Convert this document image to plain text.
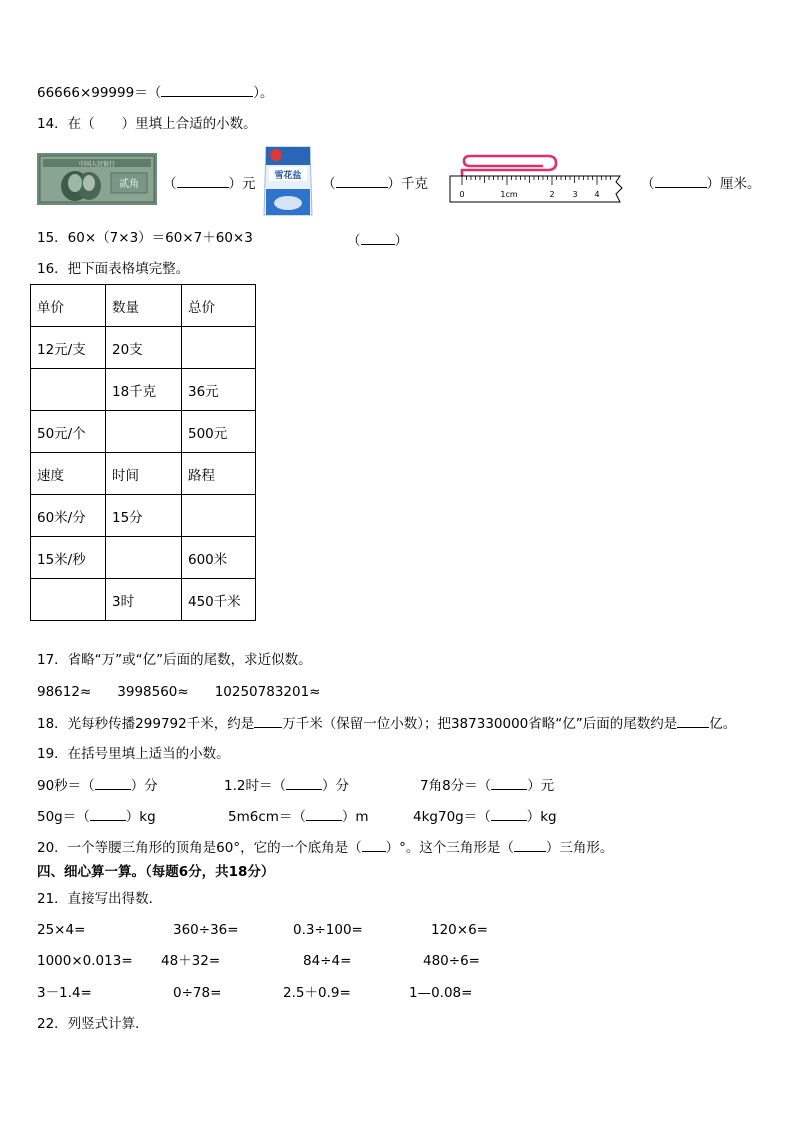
66666×99999＝（	）。
14．在（　　）里填上合适的小数。
中国人民银行
贰角 （	）元 雪花盐 （	）千克
0	1cm	2 3 4
（	）厘米。
15．60×（7×3）＝60×7＋60×3	（	）
16．把下面表格填完整。
单价	数量	总价
12元/支	20支	
	18千克	36元
50元/个		500元
速度	时间	路程
60米/分	15分	
15米/秒		600米
	3时	450千米
17．省略“万”或“亿”后面的尾数，求近似数。
98612≈ 3998560≈ 10250783201≈
18．光每秒传播299792千米，约是 万千米（保留一位小数）；把387330000省略“亿”后面的尾数约是 亿。
19．在括号里填上适当的小数。
90秒＝（	）分	1.2时＝（	）分	7角8分＝（	）元
50g＝（	）kg	5m6cm＝（	）m	4kg70g＝（	）kg
20．一个等腰三角形的顶角是60°，它的一个底角是（ ）°。这个三角形是（ ）三角形。
四、细心算一算。（每题6分，共18分）
21．直接写出得数．
25×4=	360÷36=	0.3÷100=	120×6=
1000×0.013= 48＋32=	84÷4=	480÷6=
3－1.4=	0÷78=	2.5＋0.9=	1—0.08=
22．列竖式计算．
